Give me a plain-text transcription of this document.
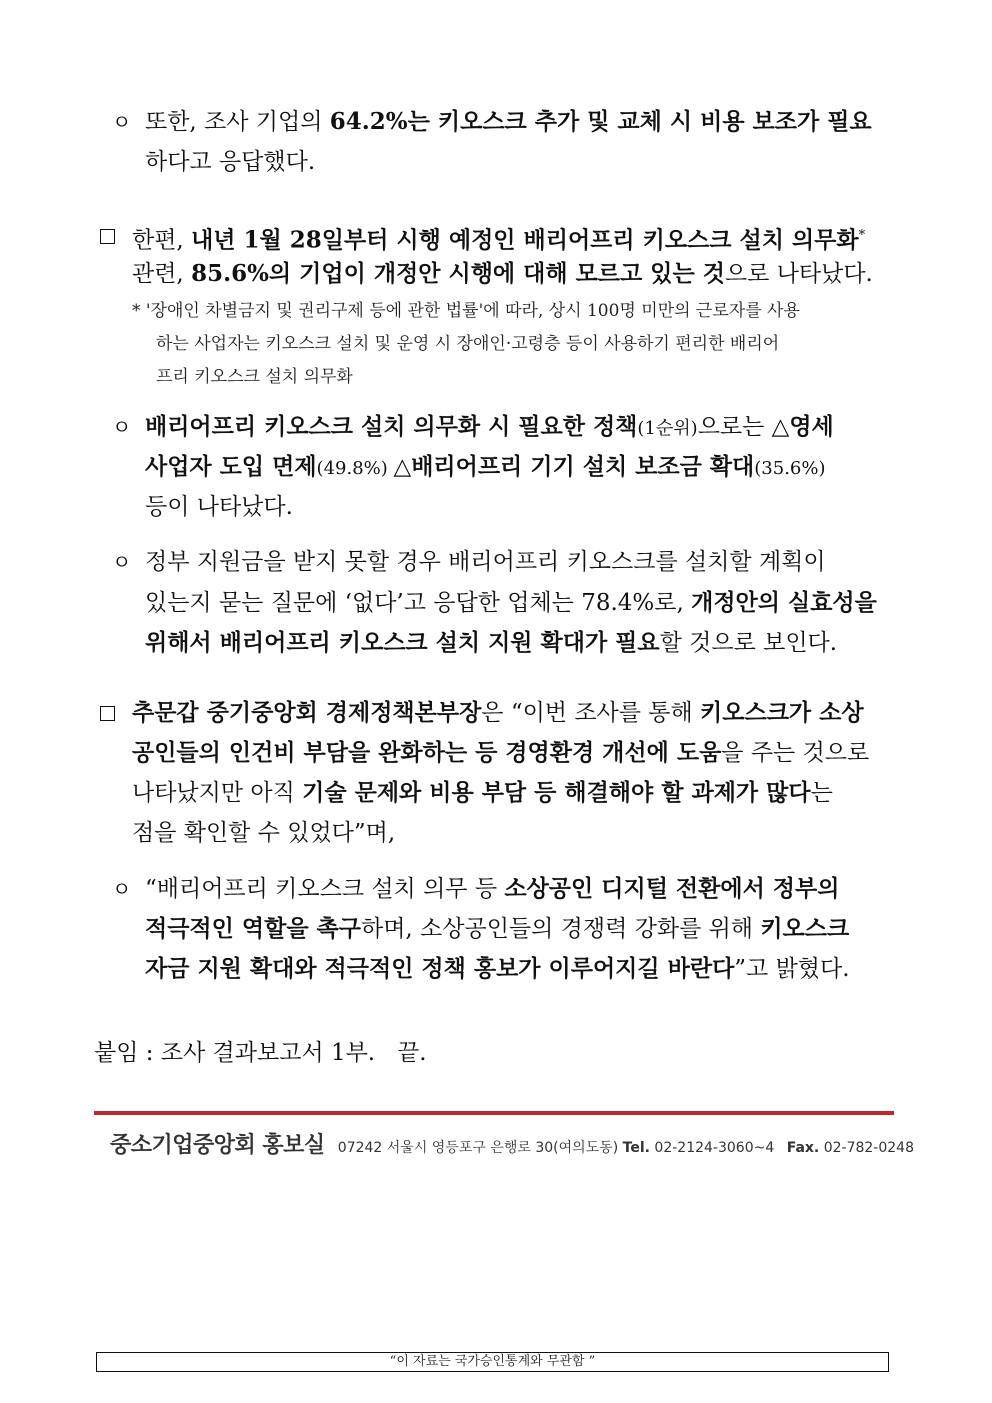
ㅇ 또한, 조사 기업의 64.2%는 키오스크 추가 및 교체 시 비용 보조가 필요
하다고 응답했다.
한편, 내년 1월 28일부터 시행 예정인 배리어프리 키오스크 설치 의무화*
관련, 85.6%의 기업이 개정안 시행에 대해 모르고 있는 것으로 나타났다.
* '장애인 차별금지 및 권리구제 등에 관한 법률'에 따라, 상시 100명 미만의 근로자를 사용
하는 사업자는 키오스크 설치 및 운영 시 장애인·고령층 등이 사용하기 편리한 배리어
프리 키오스크 설치 의무화
ㅇ 배리어프리 키오스크 설치 의무화 시 필요한 정책(1순위)으로는 △영세
사업자 도입 면제(49.8%) △배리어프리 기기 설치 보조금 확대(35.6%)
등이 나타났다.
ㅇ 정부 지원금을 받지 못할 경우 배리어프리 키오스크를 설치할 계획이
있는지 묻는 질문에 ‘없다’고 응답한 업체는 78.4%로, 개정안의 실효성을
위해서 배리어프리 키오스크 설치 지원 확대가 필요할 것으로 보인다.
추문갑 중기중앙회 경제정책본부장은 “이번 조사를 통해 키오스크가 소상
공인들의 인건비 부담을 완화하는 등 경영환경 개선에 도움을 주는 것으로
나타났지만 아직 기술 문제와 비용 부담 등 해결해야 할 과제가 많다는
점을 확인할 수 있었다”며,
ㅇ “배리어프리 키오스크 설치 의무 등 소상공인 디지털 전환에서 정부의
적극적인 역할을 촉구하며, 소상공인들의 경쟁력 강화를 위해 키오스크
자금 지원 확대와 적극적인 정책 홍보가 이루어지길 바란다”고 밝혔다.
붙임 : 조사 결과보고서 1부.   끝.
중소기업중앙회 홍보실 07242 서울시 영등포구 은행로 30(여의도동) Tel. 02-2124-3060~4 Fax. 02-782-0248
“이 자료는 국가승인통계와 무관함 ”
